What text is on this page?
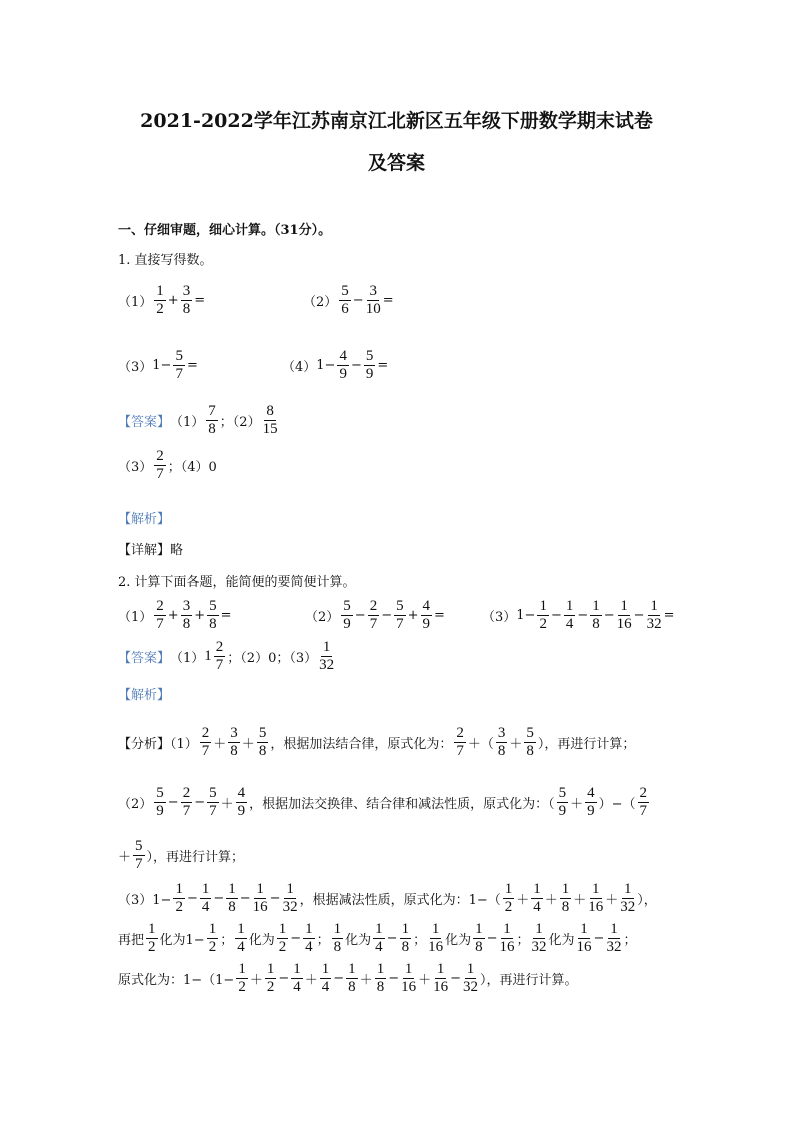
2021-2022学年江苏南京江北新区五年级下册数学期末试卷
及答案
一、仔细审题，细心计算。（31分）。
1. 直接写得数。
$(1) \frac{1}{2} + \frac{3}{8}$ =	$(2) \frac{5}{6} - \frac{3}{10}$ =
（3） $1- \frac{5}{7}$ =	（4） $1- \frac{4}{9} - \frac{5}{9}$ =
【答案】 $(1) \frac{7}{8}$ ；$(2) \frac{8}{15}$
$(3) \frac{2}{7}$ ；（4）0
【解析】
【详解】略
2. 计算下面各题，能简便的要简便计算。
$(1) \frac{2}{7} + \frac{3}{8} + \frac{5}{8}$ =	$(2) \frac{5}{9} - \frac{2}{7} - \frac{5}{7} + \frac{4}{9}$ =	（3） $1- \frac{1}{2} - \frac{1}{4} - \frac{1}{8} - \frac{1}{16} - \frac{1}{32}$ =
【答案】 （1） $1 \frac{2}{7}$ ；（2）0；$(3) \frac{1}{32}$
【解析】
【分析】$(1) \frac{2}{7} + \frac{3}{8} + \frac{5}{8}$ ，根据加法结合律，原式化为： $\frac{2}{7}$ ＋（ $\frac{3}{8} + \frac{5}{8}$ ），再进行计算；
$(2) \frac{5}{9} - \frac{2}{7} - \frac{5}{7} + \frac{4}{9}$ ，根据加法交换律、结合律和减法性质，原式化为：（ $\frac{5}{9} + \frac{4}{9}$ ）−（ $\frac{2}{7}$
＋ $\frac{5}{7}$ ），再进行计算；
$(3)1- \frac{1}{2} - \frac{1}{4} - \frac{1}{8} - \frac{1}{16} - \frac{1}{32}$ ，根据减法性质，原式化为：$1-( \frac{1}{2} + \frac{1}{4} + \frac{1}{8} + \frac{1}{16} + \frac{1}{32}$ ），
再把 $\frac{1}{2}$ 化为$1- \frac{1}{2}$ ； $\frac{1}{4}$ 化为 $\frac{1}{2} - \frac{1}{4}$ ； $\frac{1}{8}$ 化为 $\frac{1}{4} - \frac{1}{8}$ ； $\frac{1}{16}$ 化为 $\frac{1}{8} - \frac{1}{16}$ ； $\frac{1}{32}$ 化为 $\frac{1}{16} - \frac{1}{32}$ ；
原式化为：$1-(1- \frac{1}{2} + \frac{1}{2} - \frac{1}{4} + \frac{1}{4} - \frac{1}{8} + \frac{1}{8} - \frac{1}{16} + \frac{1}{16} - \frac{1}{32}$ ），再进行计算。
